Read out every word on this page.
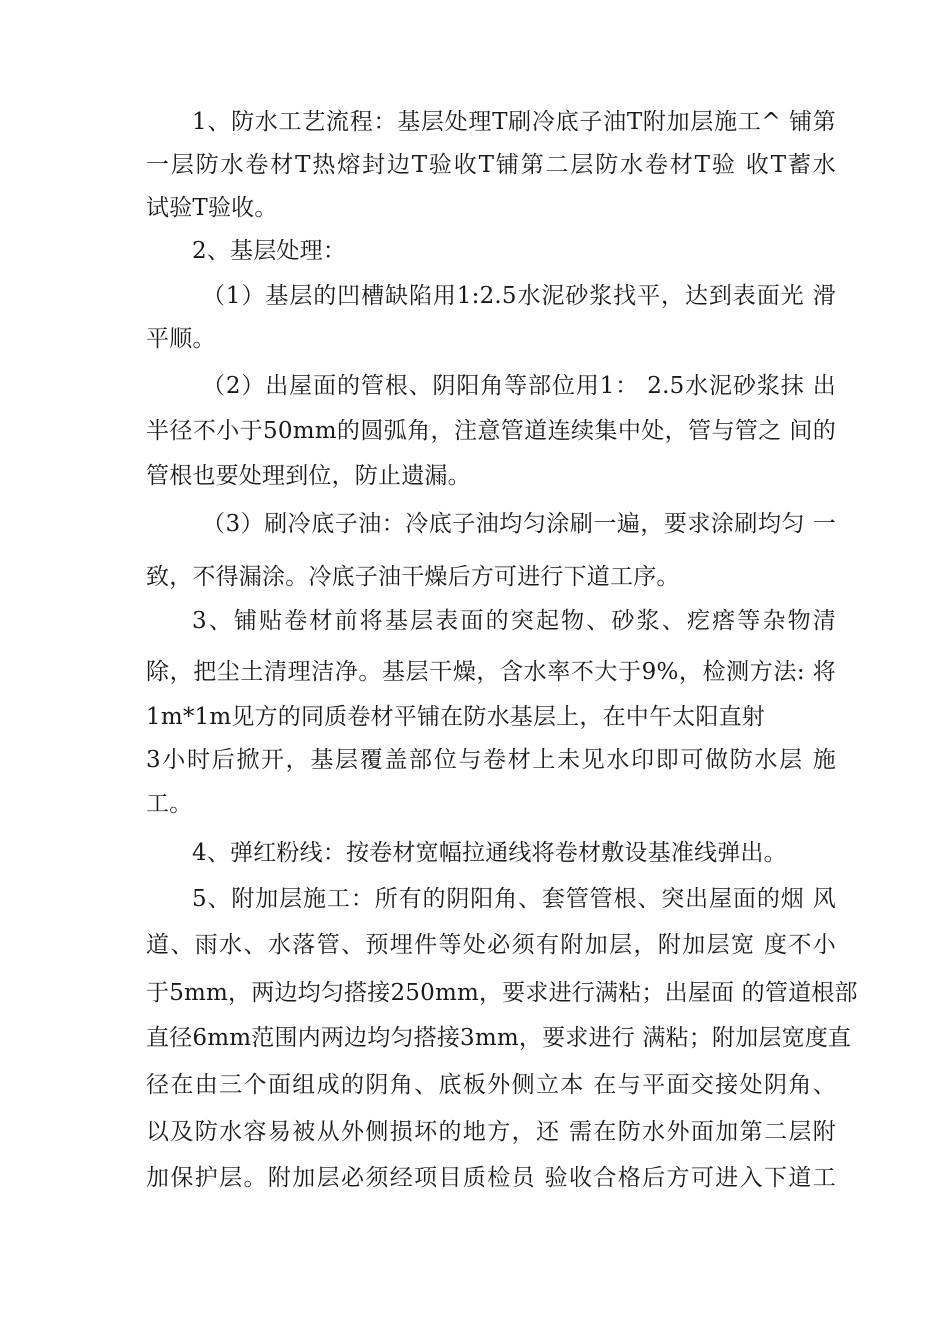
1、防水工艺流程：基层处理T刷冷底子油T附加层施工^ 铺第
一层防水卷材T热熔封边T验收T铺第二层防水卷材T验 收T蓄水
试验T验收。
2、基层处理：
（1）基层的凹槽缺陷用1:2.5水泥砂浆找平，达到表面光 滑
平顺。
（2）出屋面的管根、阴阳角等部位用1： 2.5水泥砂浆抹 出
半径不小于50mm的圆弧角，注意管道连续集中处，管与管之 间的
管根也要处理到位，防止遗漏。
（3）刷冷底子油：冷底子油均匀涂刷一遍，要求涂刷均匀 一
致，不得漏涂。冷底子油干燥后方可进行下道工序。
3、铺贴卷材前将基层表面的突起物、砂浆、疙瘩等杂物清
除，把尘土清理洁净。基层干燥，含水率不大于9%，检测方法: 将
1m*1m见方的同质卷材平铺在防水基层上，在中午太阳直射
3小时后掀开，基层覆盖部位与卷材上未见水印即可做防水层 施
工。
4、弹红粉线：按卷材宽幅拉通线将卷材敷设基准线弹出。
5、附加层施工：所有的阴阳角、套管管根、突出屋面的烟 风
道、雨水、水落管、预埋件等处必须有附加层，附加层宽 度不小
于5mm，两边均匀搭接250mm，要求进行满粘；出屋面 的管道根部
直径6mm范围内两边均匀搭接3mm，要求进行 满粘；附加层宽度直
径在由三个面组成的阴角、底板外侧立本 在与平面交接处阴角、
以及防水容易被从外侧损坏的地方，还 需在防水外面加第二层附
加保护层。附加层必须经项目质检员 验收合格后方可进入下道工
